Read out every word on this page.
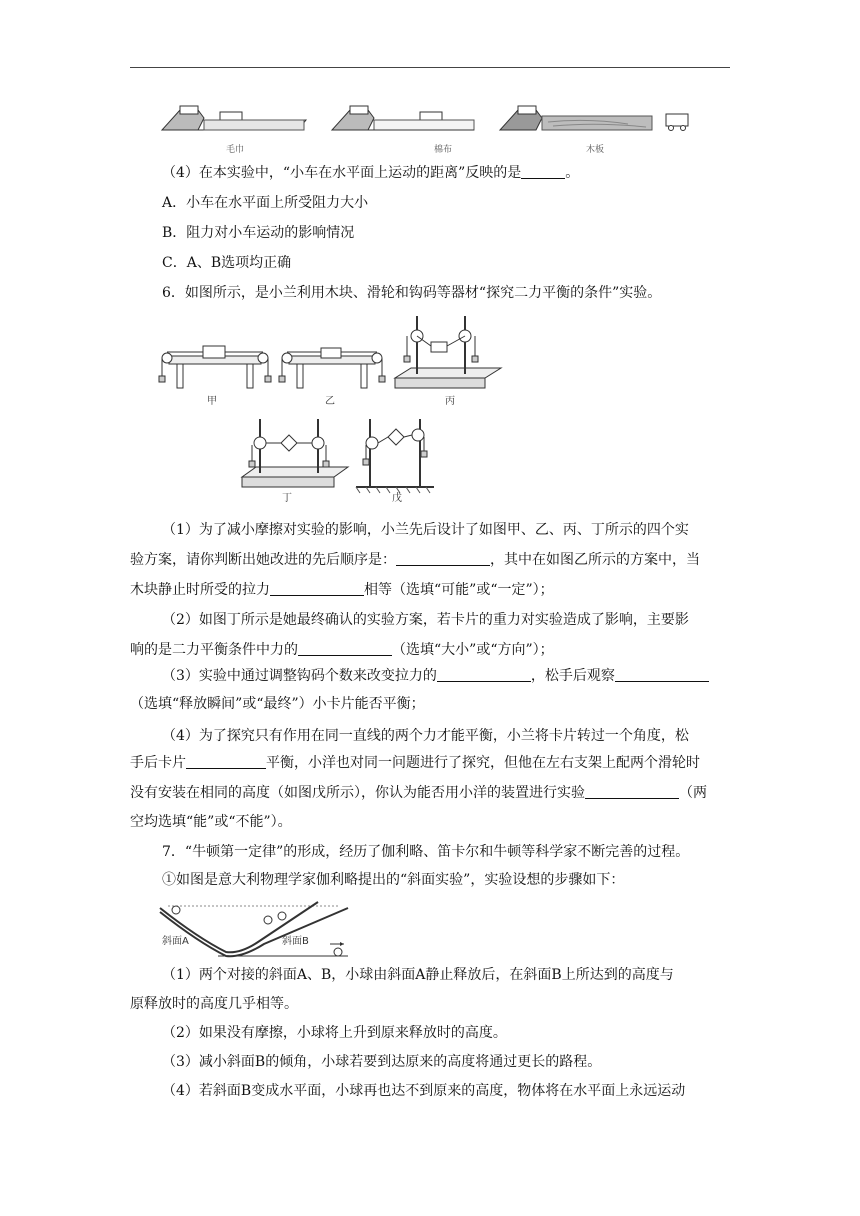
毛巾	棉布	木板
（4）在本实验中，“小车在水平面上运动的距离”反映的是	。
A．小车在水平面上所受阻力大小
B．阻力对小车运动的影响情况
C．A、B选项均正确
6．如图所示，是小兰利用木块、滑轮和钩码等器材“探究二力平衡的条件”实验。
甲	乙	丙
丁	戊
（1）为了减小摩擦对实验的影响，小兰先后设计了如图甲、乙、丙、丁所示的四个实
验方案，请你判断出她改进的先后顺序是：	，其中在如图乙所示的方案中，当
木块静止时所受的拉力	相等（选填“可能”或“一定”）；
（2）如图丁所示是她最终确认的实验方案，若卡片的重力对实验造成了影响，主要影
响的是二力平衡条件中力的	（选填“大小”或“方向”）；
（3）实验中通过调整钩码个数来改变拉力的	，松手后观察
（选填“释放瞬间”或“最终”）小卡片能否平衡；
（4）为了探究只有作用在同一直线的两个力才能平衡，小兰将卡片转过一个角度，松
手后卡片	平衡，小洋也对同一问题进行了探究，但他在左右支架上配两个滑轮时
没有安装在相同的高度（如图戊所示），你认为能否用小洋的装置进行实验	（两
空均选填“能”或“不能”）。
7．“牛顿第一定律”的形成，经历了伽利略、笛卡尔和牛顿等科学家不断完善的过程。
①如图是意大利物理学家伽利略提出的“斜面实验”，实验设想的步骤如下：
斜面A	斜面B
（1）两个对接的斜面A、B，小球由斜面A静止释放后，在斜面B上所达到的高度与
原释放时的高度几乎相等。
（2）如果没有摩擦，小球将上升到原来释放时的高度。
（3）减小斜面B的倾角，小球若要到达原来的高度将通过更长的路程。
（4）若斜面B变成水平面，小球再也达不到原来的高度，物体将在水平面上永远运动
